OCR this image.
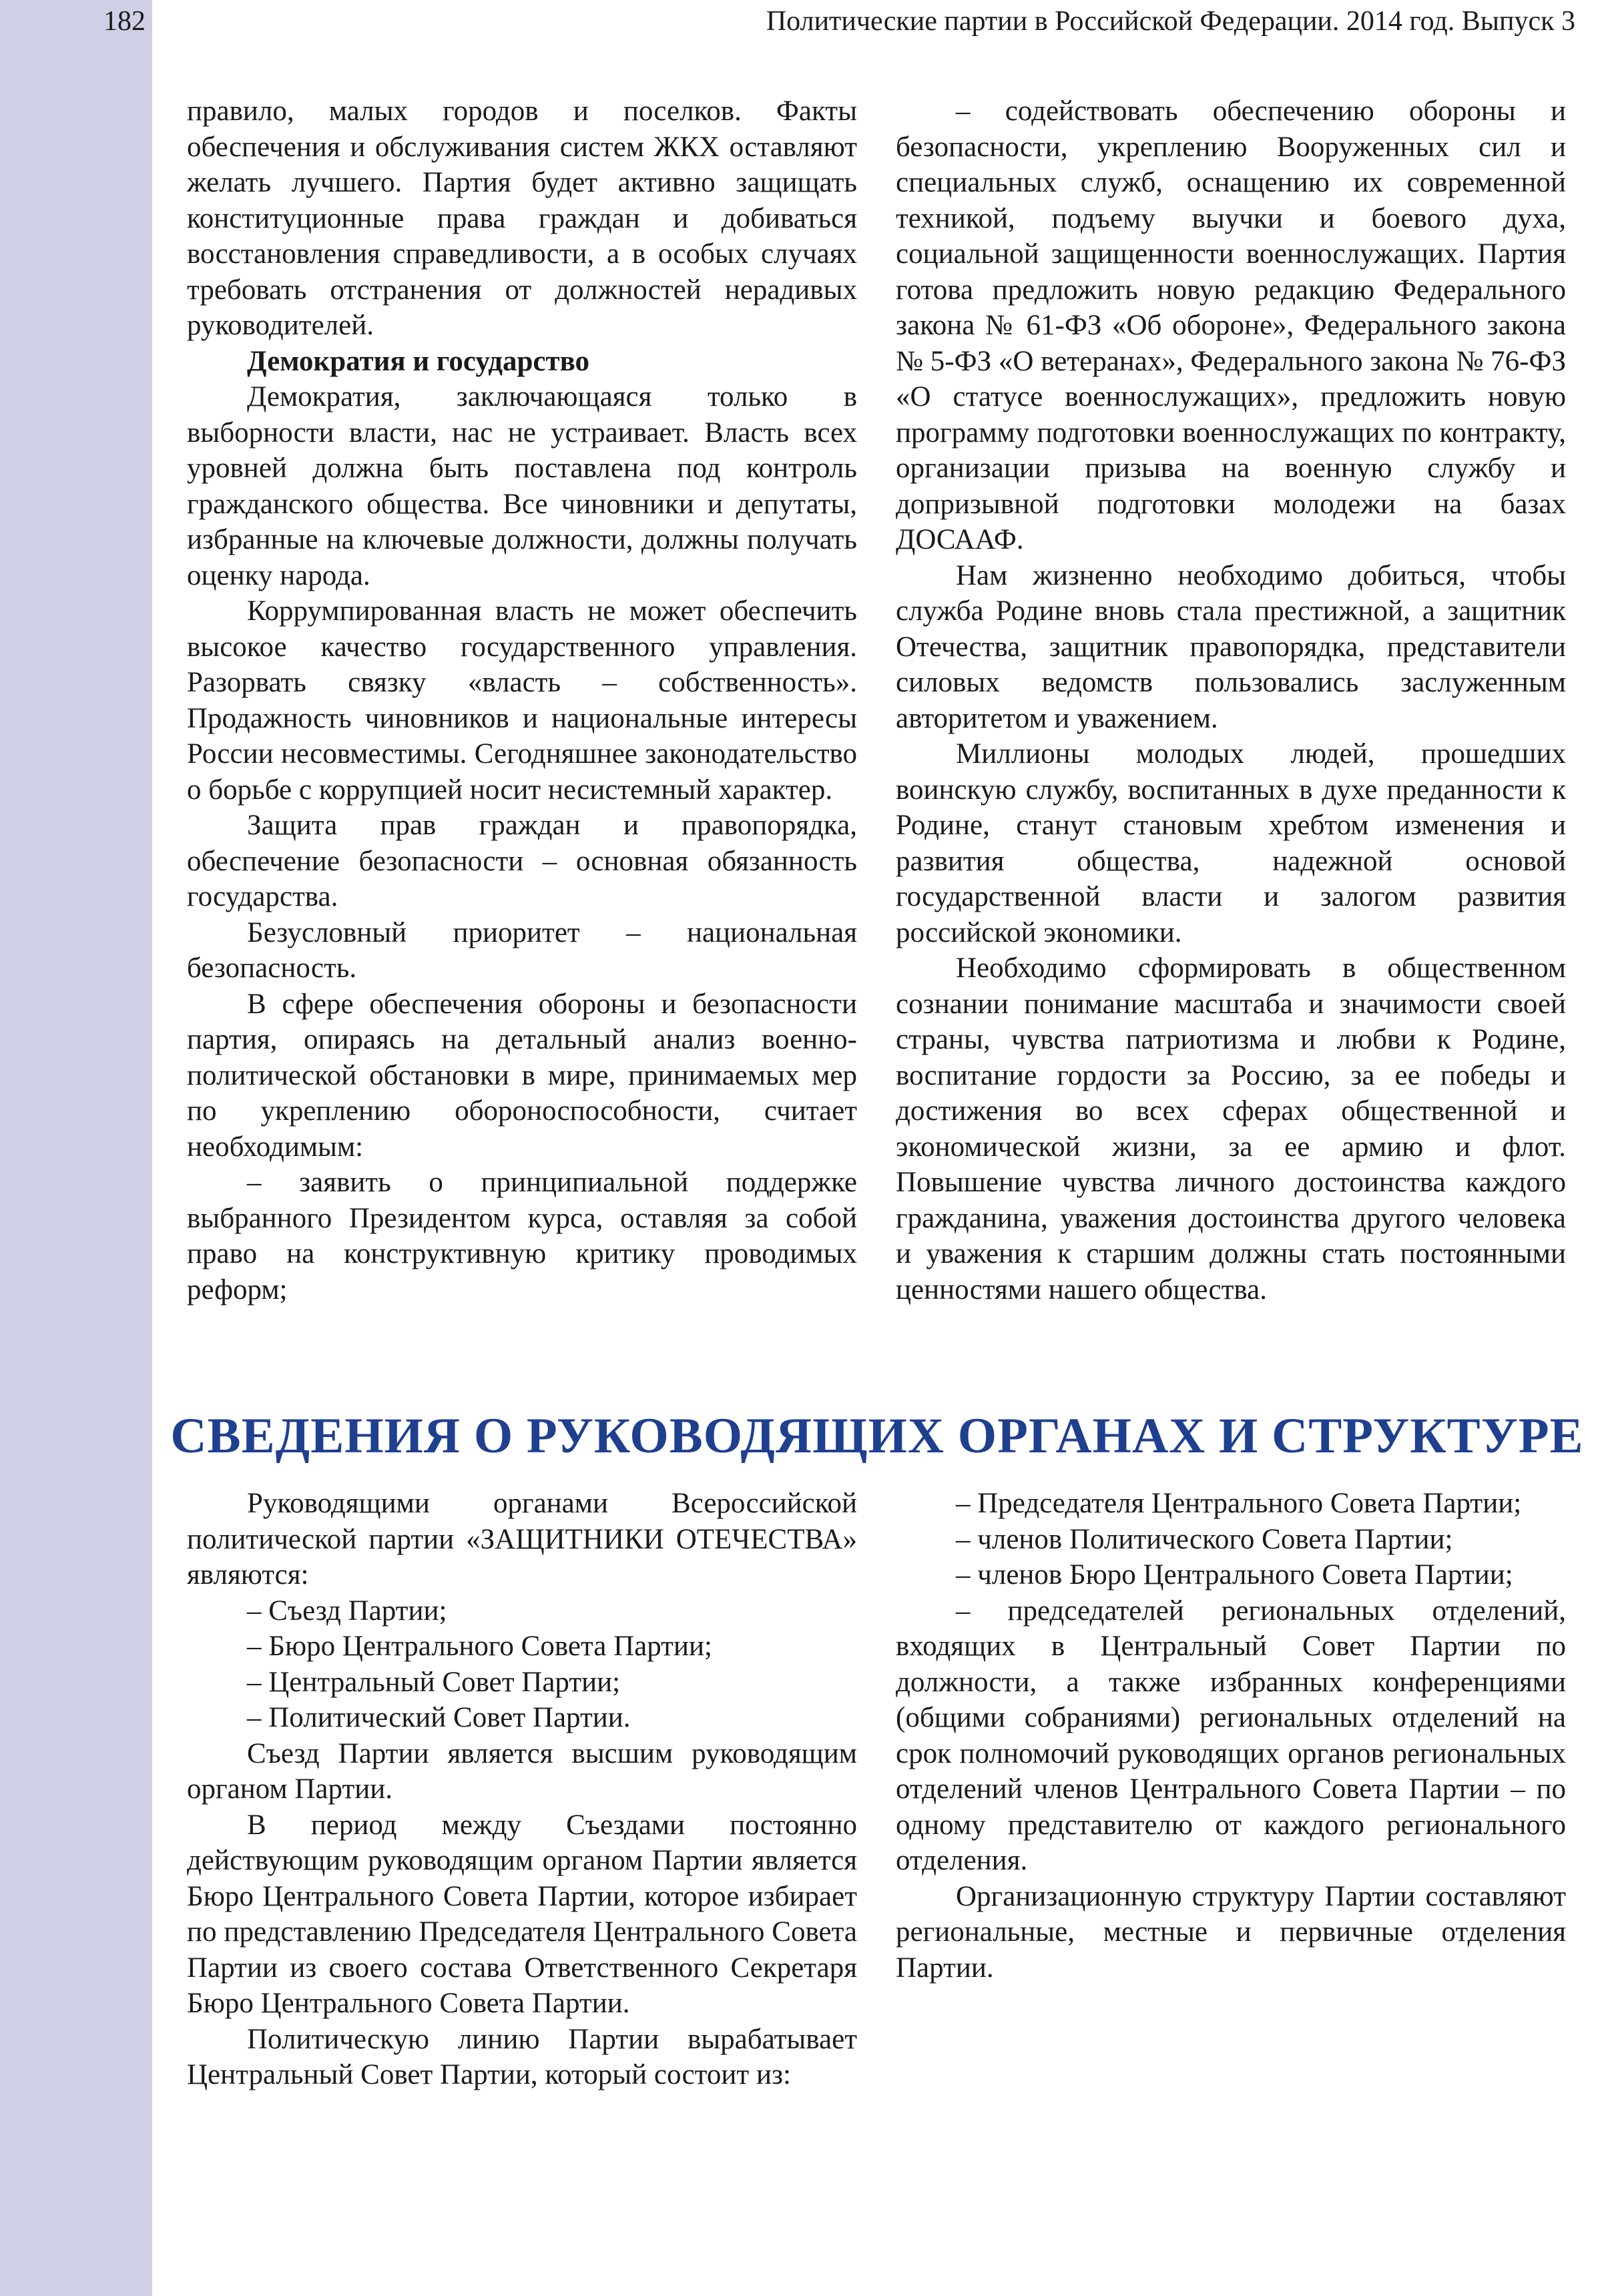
182	Политические партии в Российской Федерации. 2014 год. Выпуск 3

правило, малых городов и поселков. Факты обеспечения и обслуживания систем ЖКХ оставляют желать лучшего. Партия будет активно защищать конституционные права граждан и добиваться восстановления справедливости, а в особых случаях требовать отстранения от должностей нерадивых руководителей.

Демократия и государство

Демократия, заключающаяся только в выборности власти, нас не устраивает. Власть всех уровней должна быть поставлена под контроль гражданского общества. Все чиновники и депутаты, избранные на ключевые должности, должны получать оценку народа.

Коррумпированная власть не может обеспечить высокое качество государственного управления. Разорвать связку «власть – собственность». Продажность чиновников и национальные интересы России несовместимы. Сегодняшнее законодательство о борьбе с коррупцией носит несистемный характер.

Защита прав граждан и правопорядка, обеспечение безопасности – основная обязанность государства.

Безусловный приоритет – национальная безопасность.

В сфере обеспечения обороны и безопасности партия, опираясь на детальный анализ военно-политической обстановки в мире, принимаемых мер по укреплению обороноспособности, считает необходимым:

– заявить о принципиальной поддержке выбранного Президентом курса, оставляя за собой право на конструктивную критику проводимых реформ;

– содействовать обеспечению обороны и безопасности, укреплению Вооруженных сил и специальных служб, оснащению их современной техникой, подъему выучки и боевого духа, социальной защищенности военнослужащих. Партия готова предложить новую редакцию Федерального закона № 61-ФЗ «Об обороне», Федерального закона № 5-ФЗ «О ветеранах», Федерального закона № 76-ФЗ «О статусе военнослужащих», предложить новую программу подготовки военнослужащих по контракту, организации призыва на военную службу и допризывной подготовки молодежи на базах ДОСААФ.

Нам жизненно необходимо добиться, чтобы служба Родине вновь стала престижной, а защитник Отечества, защитник правопорядка, представители силовых ведомств пользовались заслуженным авторитетом и уважением.

Миллионы молодых людей, прошедших воинскую службу, воспитанных в духе преданности к Родине, станут становым хребтом изменения и развития общества, надежной основой государственной власти и залогом развития российской экономики.

Необходимо сформировать в общественном сознании понимание масштаба и значимости своей страны, чувства патриотизма и любви к Родине, воспитание гордости за Россию, за ее победы и достижения во всех сферах общественной и экономической жизни, за ее армию и флот. Повышение чувства личного достоинства каждого гражданина, уважения достоинства другого человека и уважения к старшим должны стать постоянными ценностями нашего общества.

СВЕДЕНИЯ О РУКОВОДЯЩИХ ОРГАНАХ И СТРУКТУРЕ

Руководящими органами Всероссийской политической партии «ЗАЩИТНИКИ ОТЕЧЕСТВА» являются:

– Съезд Партии;

– Бюро Центрального Совета Партии;

– Центральный Совет Партии;

– Политический Совет Партии.

Съезд Партии является высшим руководящим органом Партии.

В период между Съездами постоянно действующим руководящим органом Партии является Бюро Центрального Совета Партии, которое избирает по представлению Председателя Центрального Совета Партии из своего состава Ответственного Секретаря Бюро Центрального Совета Партии.

Политическую линию Партии вырабатывает Центральный Совет Партии, который состоит из:

– Председателя Центрального Совета Партии;

– членов Политического Совета Партии;

– членов Бюро Центрального Совета Партии;

– председателей региональных отделений, входящих в Центральный Совет Партии по должности, а также избранных конференциями (общими собраниями) региональных отделений на срок полномочий руководящих органов региональных отделений членов Центрального Совета Партии – по одному представителю от каждого регионального отделения.

Организационную структуру Партии составляют региональные, местные и первичные отделения Партии.
